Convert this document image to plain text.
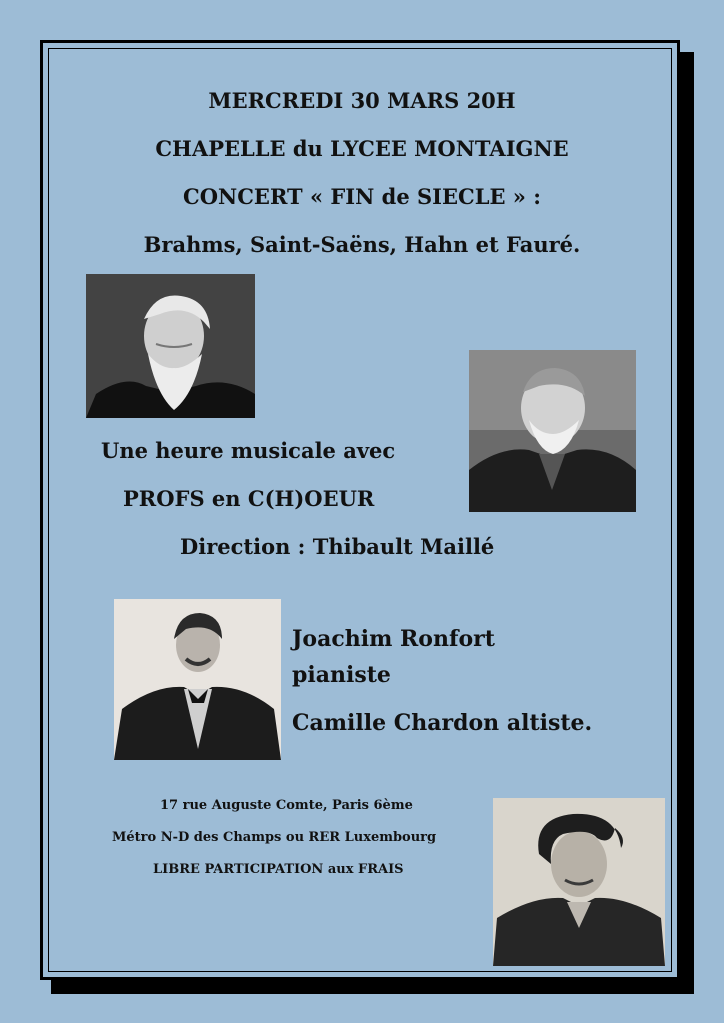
MERCREDI 30 MARS 20H
CHAPELLE du LYCEE MONTAIGNE
CONCERT « FIN de SIECLE » :
Brahms, Saint-Saëns, Hahn et Fauré.
Une heure musicale avec
PROFS en C(H)OEUR
Direction : Thibault Maillé
Joachim Ronfort
pianiste
Camille Chardon altiste.
17 rue Auguste Comte, Paris 6ème
Métro N-D des Champs ou RER Luxembourg
LIBRE PARTICIPATION aux FRAIS
